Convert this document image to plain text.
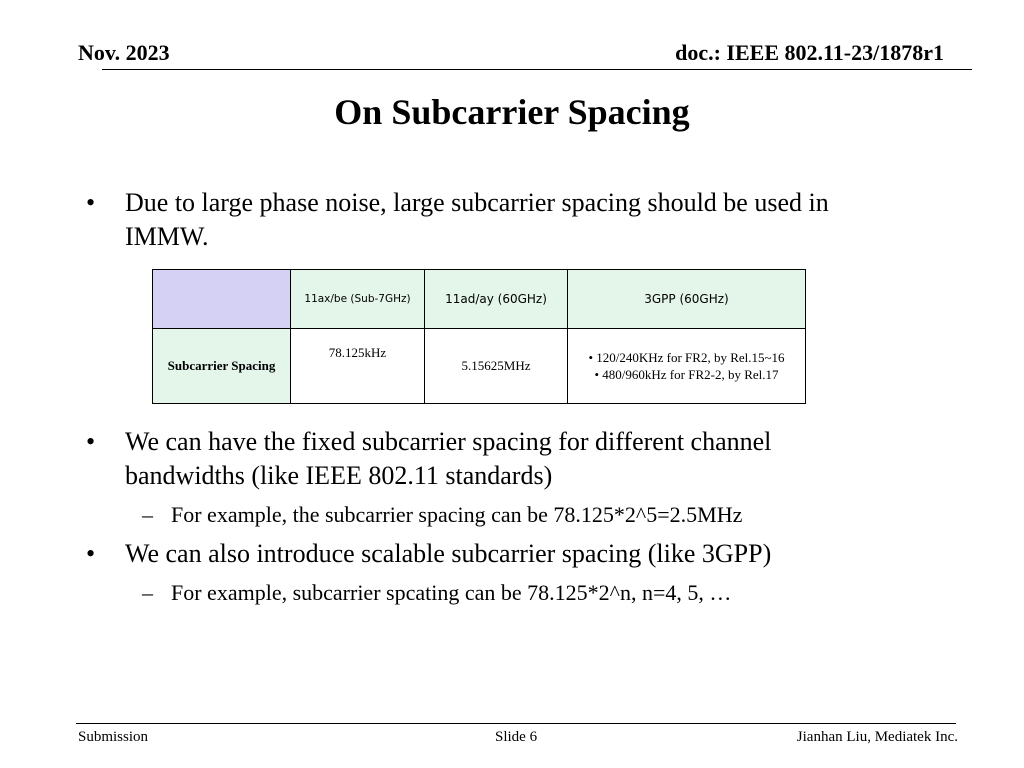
Nov. 2023	doc.: IEEE 802.11-23/1878r1
On Subcarrier Spacing
• Due to large phase noise, large subcarrier spacing should be used in
IMMW.
	11ax/be (Sub-7GHz)	11ad/ay (60GHz)	3GPP (60GHz)
Subcarrier Spacing	78.125kHz	5.15625MHz	• 120/240KHz for FR2, by Rel.15~16
• 480/960kHz for FR2-2, by Rel.17
• We can have the fixed subcarrier spacing for different channel
bandwidths (like IEEE 802.11 standards)
– For example, the subcarrier spacing can be 78.125*2^5=2.5MHz
• We can also introduce scalable subcarrier spacing (like 3GPP)
– For example, subcarrier spcating can be 78.125*2^n, n=4, 5, …
Submission	Slide 6	Jianhan Liu, Mediatek Inc.
